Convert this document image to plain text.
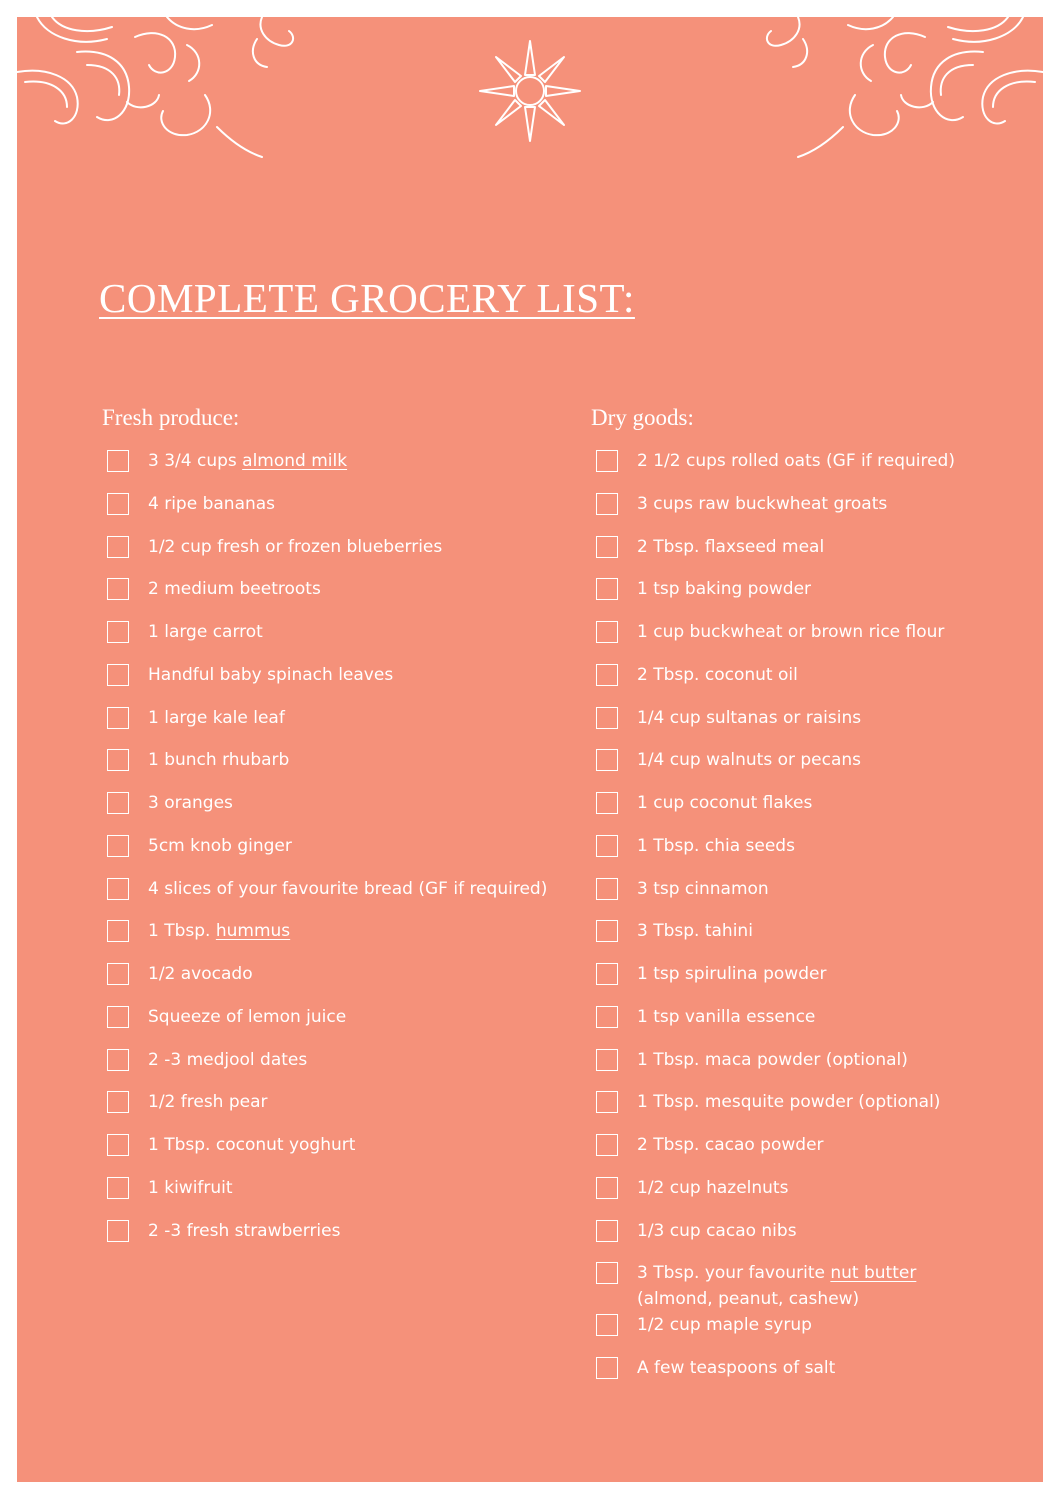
COMPLETE GROCERY LIST:
Fresh produce:
3 3/4 cups almond milk
4 ripe bananas
1/2 cup fresh or frozen blueberries
2 medium beetroots
1 large carrot
Handful baby spinach leaves
1 large kale leaf
1 bunch rhubarb
3 oranges
5cm knob ginger
4 slices of your favourite bread (GF if required)
1 Tbsp. hummus
1/2 avocado
Squeeze of lemon juice
2 -3 medjool dates
1/2 fresh pear
1 Tbsp. coconut yoghurt
1 kiwifruit
2 -3 fresh strawberries
Dry goods:
2 1/2 cups rolled oats (GF if required)
3 cups raw buckwheat groats
2 Tbsp. flaxseed meal
1 tsp baking powder
1 cup buckwheat or brown rice flour
2 Tbsp. coconut oil
1/4 cup sultanas or raisins
1/4 cup walnuts or pecans
1 cup coconut flakes
1 Tbsp. chia seeds
3 tsp cinnamon
3 Tbsp. tahini
1 tsp spirulina powder
1 tsp vanilla essence
1 Tbsp. maca powder (optional)
1 Tbsp. mesquite powder (optional)
2 Tbsp. cacao powder
1/2 cup hazelnuts
1/3 cup cacao nibs
3 Tbsp. your favourite nut butter
(almond, peanut, cashew)
1/2 cup maple syrup
A few teaspoons of salt
